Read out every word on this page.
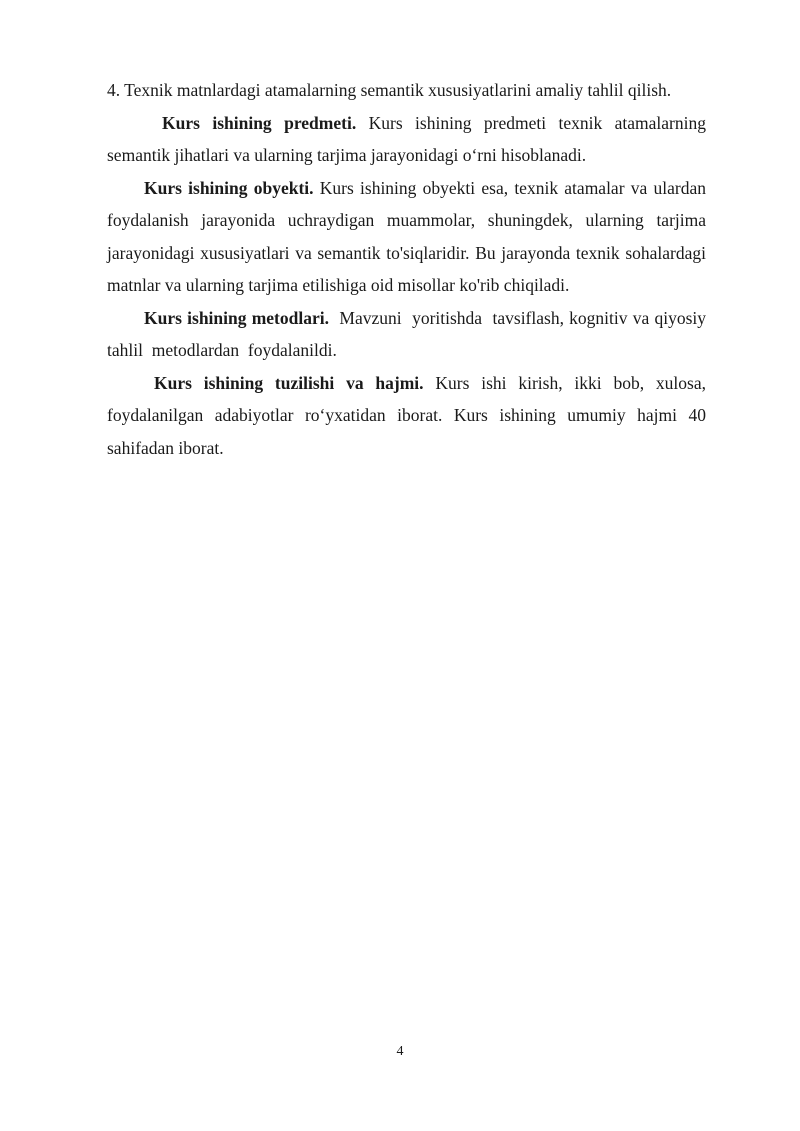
4. Texnik matnlardagi atamalarning semantik xususiyatlarini amaliy tahlil qilish.

Kurs ishining predmeti. Kurs ishining predmeti texnik atamalarning semantik jihatlari va ularning tarjima jarayonidagi o‘rni hisoblanadi.

Kurs ishining obyekti. Kurs ishining obyekti esa, texnik atamalar va ulardan foydalanish jarayonida uchraydigan muammolar, shuningdek, ularning tarjima jarayonidagi xususiyatlari va semantik to'siqlaridir. Bu jarayonda texnik sohalardagi matnlar va ularning tarjima etilishiga oid misollar ko'rib chiqiladi.

Kurs ishining metodlari.  Mavzuni  yoritishda  tavsiflash, kognitiv va qiyosiy tahlil  metodlardan  foydalanildi.

Kurs ishining tuzilishi va hajmi. Kurs ishi kirish, ikki bob, xulosa, foydalanilgan adabiyotlar ro‘yxatidan iborat. Kurs ishining umumiy hajmi 40 sahifadan iborat.

4
